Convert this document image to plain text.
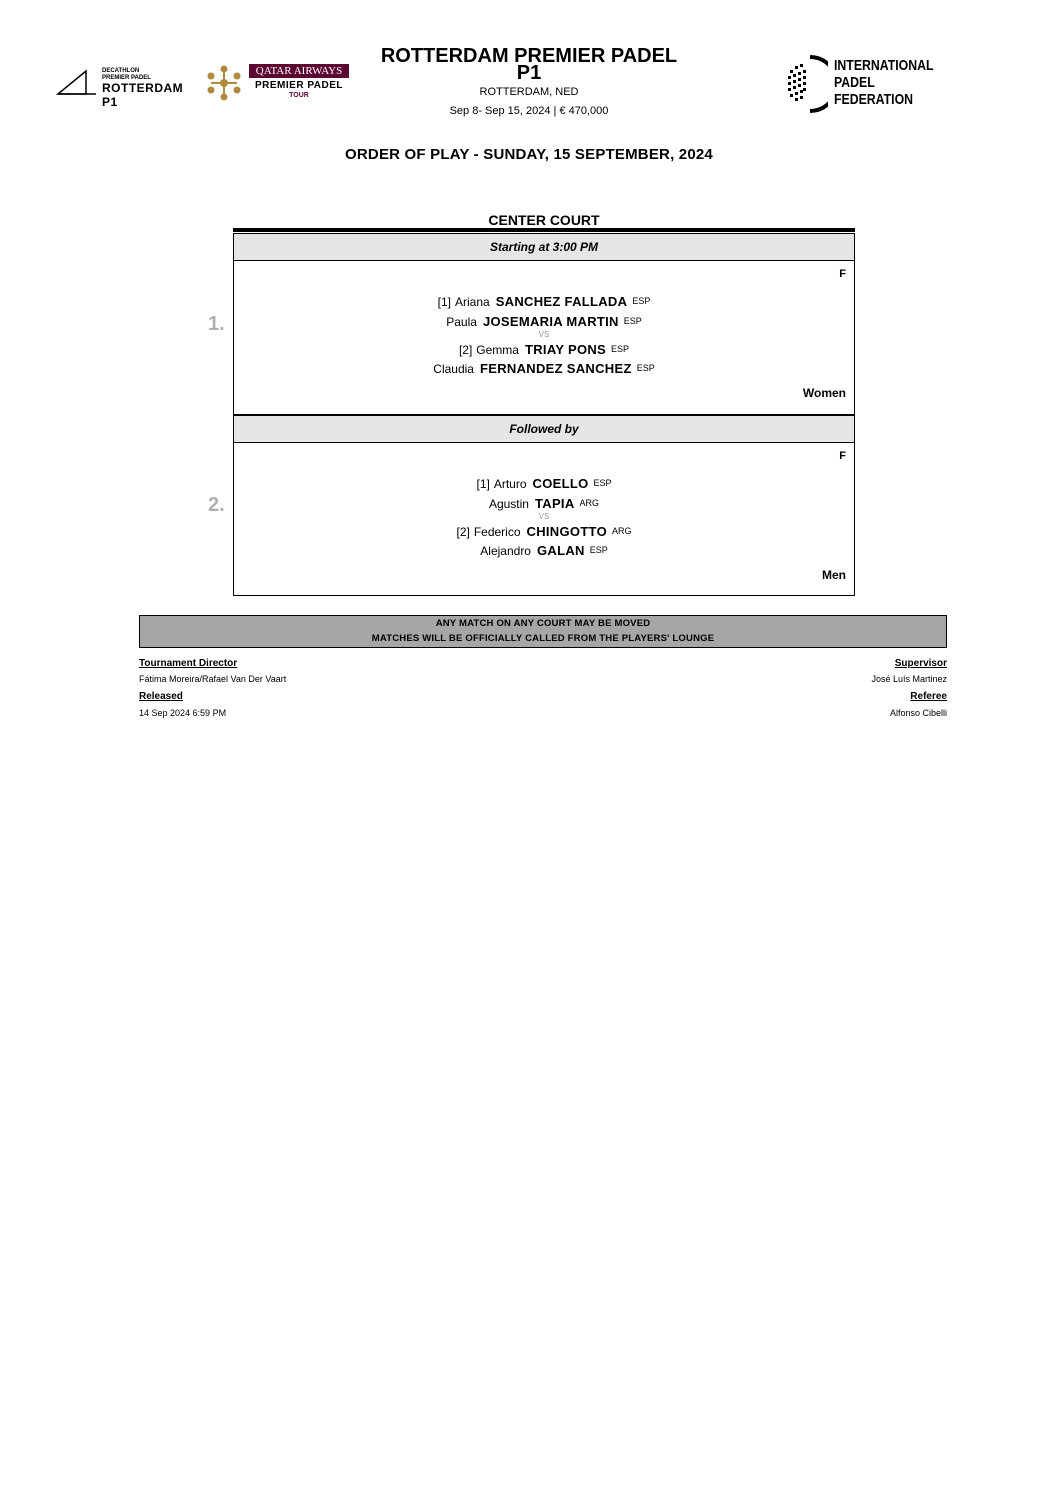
DECATHLON
PREMIER PADEL
ROTTERDAM P1
QATAR AIRWAYS
PREMIER PADEL
TOUR
INTERNATIONAL
PADEL
FEDERATION
ROTTERDAM PREMIER PADEL
P1
ROTTERDAM, NED
Sep 8- Sep 15, 2024 | € 470,000
ORDER OF PLAY - SUNDAY, 15 SEPTEMBER, 2024
CENTER COURT
Starting at 3:00 PM
1.
F
[1] Ariana SANCHEZ FALLADA ESP
Paula JOSEMARIA MARTIN ESP
VS
[2] Gemma TRIAY PONS ESP
Claudia FERNANDEZ SANCHEZ ESP
Women
Followed by
2.
F
[1] Arturo COELLO ESP
Agustin TAPIA ARG
VS
[2] Federico CHINGOTTO ARG
Alejandro GALAN ESP
Men
ANY MATCH ON ANY COURT MAY BE MOVED
MATCHES WILL BE OFFICIALLY CALLED FROM THE PLAYERS' LOUNGE
Tournament Director
Fátima Moreira/Rafael Van Der Vaart
Released
14 Sep 2024 6:59 PM
Supervisor
José Luís Martinez
Referee
Alfonso Cibelli
